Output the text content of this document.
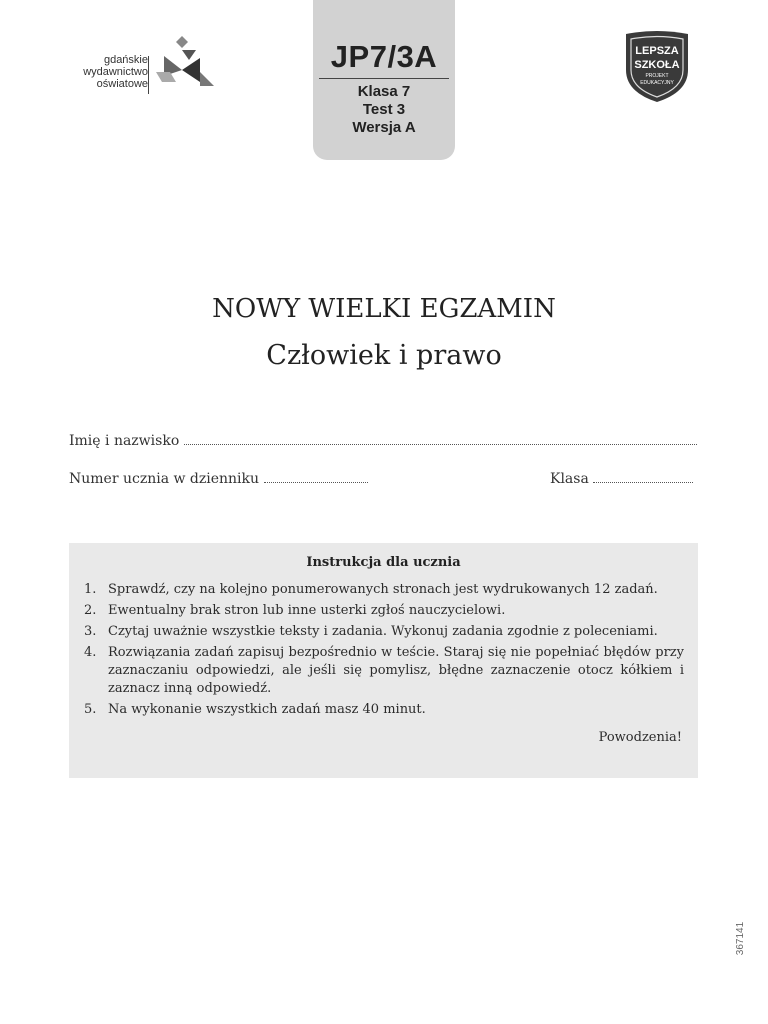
gdańskie
wydawnictwo
oświatowe
JP7/3A
Klasa 7
Test 3
Wersja A
LEPSZA
SZKOŁA
PROJEKT
EDUKACYJNY
NOWY WIELKI EGZAMIN
Człowiek i prawo
Imię i nazwisko
Numer ucznia w dzienniku	Klasa
Instrukcja dla ucznia
1. Sprawdź, czy na kolejno ponumerowanych stronach jest wydrukowanych 12 zadań.
2. Ewentualny brak stron lub inne usterki zgłoś nauczycielowi.
3. Czytaj uważnie wszystkie teksty i zadania. Wykonuj zadania zgodnie z poleceniami.
4. Rozwiązania zadań zapisuj bezpośrednio w teście. Staraj się nie popełniać błędów przy zaznaczaniu odpowiedzi, ale jeśli się pomylisz, błędne zaznaczenie otocz kółkiem i zaznacz inną odpowiedź.
5. Na wykonanie wszystkich zadań masz 40 minut.
Powodzenia!
367141
